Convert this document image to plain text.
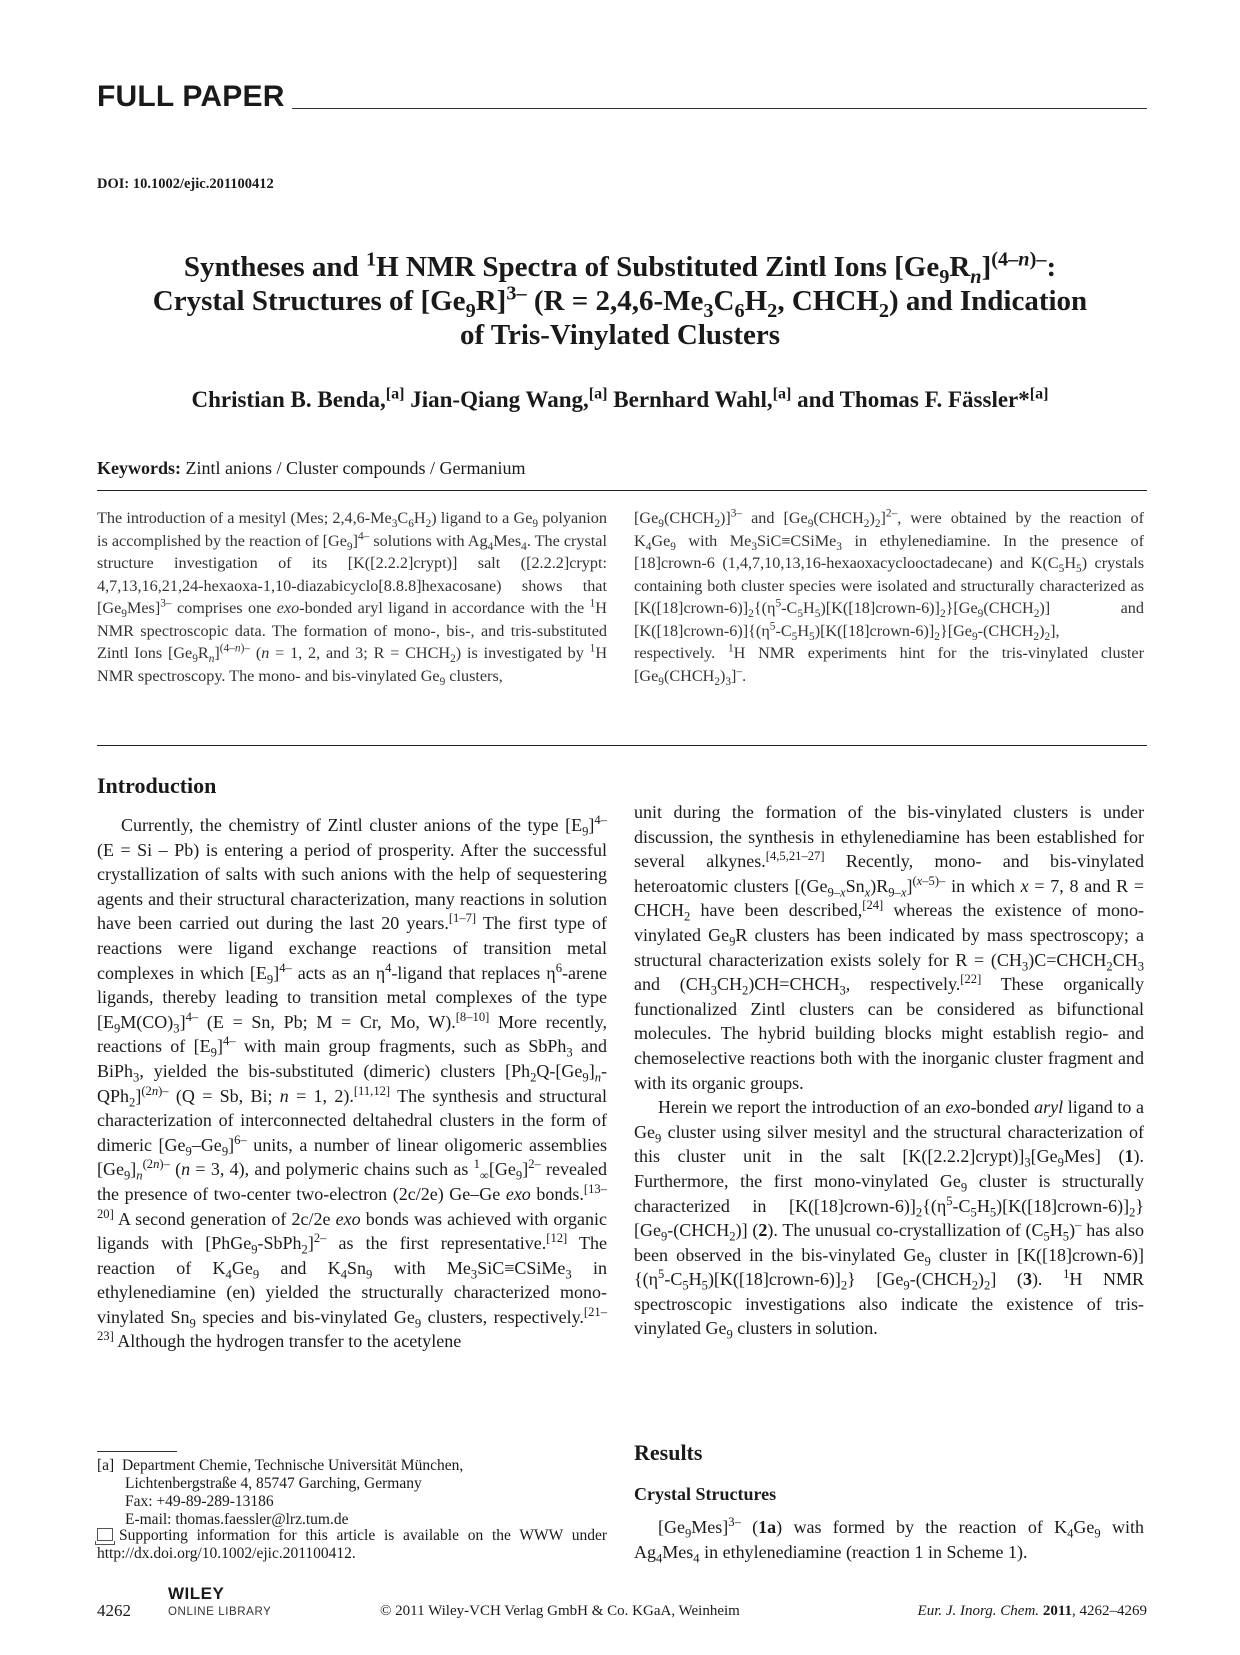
FULL PAPER
DOI: 10.1002/ejic.201100412
Syntheses and $^1$H NMR Spectra of Substituted Zintl Ions $[Ge_9R_n]^{(4-n)-}$:
Crystal Structures of $[Ge_9R]^{3-}$ ($R = 2,4,6-Me_3C_6H_2$, $CHCH_2$) and Indication
of Tris-Vinylated Clusters
Christian B. Benda,[a] Jian-Qiang Wang,[a] Bernhard Wahl,[a] and Thomas F. Fässler*[a]
Keywords: Zintl anions / Cluster compounds / Germanium
The introduction of a mesityl (Mes; $2,4,6-Me_3C_6H_2$) ligand to a $Ge_9$ polyanion is accomplished by the reaction of $[Ge_9]^{4-}$ solutions with $Ag_4Mes_4$. The crystal structure investigation of its [K([2.2.2]crypt)] salt ([2.2.2]crypt: 4,7,13,16,21,24-hexaoxa-1,10-diazabicyclo[8.8.8]hexacosane) shows that $[Ge_9Mes]^{3-}$ comprises one exo-bonded aryl ligand in accordance with the $^1$H NMR spectroscopic data. The formation of mono-, bis-, and tris-substituted Zintl Ions $[Ge_9R_n]^{(4-n)-}$ (n = 1, 2, and 3; $R = CHCH_2$) is investigated by $^1$H NMR spectroscopy. The mono- and bis-vinylated $Ge_9$ clusters,
$[Ge_9(CHCH_2)]^{3-}$ and $[Ge_9(CHCH_2)_2]^{2-}$, were obtained by the reaction of $K_4Ge_9$ with $Me_3SiC\equiv CSiMe_3$ in ethylenediamine. In the presence of [18]crown-6 (1,4,7,10,13,16-hexaoxacyclooctadecane) and $K(C_5H_5)$ crystals containing both cluster species were isolated and structurally characterized as $[K([18]crown-6)]_2\{(\eta^5-C_5H_5)[K([18]crown-6)]_2\}[Ge_9(CHCH_2)]$ and $[K([18]crown-6)]\{(\eta^5-C_5H_5)[K([18]crown-6)]_2\}[Ge_9-(CHCH_2)_2]$, respectively. $^1$H NMR experiments hint for the tris-vinylated cluster $[Ge_9(CHCH_2)_3]^-$.
Introduction

Currently, the chemistry of Zintl cluster anions of the type $[E_9]^{4-}$ (E = Si – Pb) is entering a period of prosperity. After the successful crystallization of salts with such anions with the help of sequestering agents and their structural characterization, many reactions in solution have been carried out during the last 20 years.[1–7] The first type of reactions were ligand exchange reactions of transition metal complexes in which $[E_9]^{4-}$ acts as an $\eta^4$-ligand that replaces $\eta^6$-arene ligands, thereby leading to transition metal complexes of the type $[E_9M(CO)_3]^{4-}$ (E = Sn, Pb; M = Cr, Mo, W).[8–10] More recently, reactions of $[E_9]^{4-}$ with main group fragments, such as SbPh$_3$ and BiPh$_3$, yielded the bis-substituted (dimeric) clusters $[Ph_2Q-[Ge_9]_n-QPh_2]^{(2n)-}$ (Q = Sb, Bi; n = 1, 2).[11,12] The synthesis and structural characterization of interconnected deltahedral clusters in the form of dimeric $[Ge_9-Ge_9]^{6-}$ units, a number of linear oligomeric assemblies $[Ge_9]_n^{(2n)-}$ (n = 3, 4), and polymeric chains such as $^1_\infty[Ge_9]^{2-}$ revealed the presence of two-center two-electron (2c/2e) Ge–Ge exo bonds.[13–20] A second generation of 2c/2e exo bonds was achieved with organic ligands with [PhGe$_9$-SbPh$_2$]$^{2-}$ as the first representative.[12] The reaction of $K_4Ge_9$ and $K_4Sn_9$ with $Me_3SiC\equiv CSiMe_3$ in ethylenediamine (en) yielded the structurally characterized mono-vinylated $Sn_9$ species and bis-vinylated $Ge_9$ clusters, respectively.[21–23] Although the hydrogen transfer to the acetylene

unit during the formation of the bis-vinylated clusters is under discussion, the synthesis in ethylenediamine has been established for several alkynes.[4,5,21–27] Recently, mono- and bis-vinylated heteroatomic clusters $[(Ge_{9-x}Sn_x)R_{9-x}]^{(x-5)-}$ in which x = 7, 8 and $R = CHCH_2$ have been described,[24] whereas the existence of mono-vinylated $Ge_9R$ clusters has been indicated by mass spectroscopy; a structural characterization exists solely for $R = (CH_3)C=CHCH_2CH_3$ and $(CH_3CH_2)CH=CHCH_3$, respectively.[22] These organically functionalized Zintl clusters can be considered as bifunctional molecules. The hybrid building blocks might establish regio- and chemoselective reactions both with the inorganic cluster fragment and with its organic groups.

Herein we report the introduction of an exo-bonded aryl ligand to a $Ge_9$ cluster using silver mesityl and the structural characterization of this cluster unit in the salt $[K([2.2.2]crypt)]_3[Ge_9Mes]$ (1). Furthermore, the first mono-vinylated $Ge_9$ cluster is structurally characterized in $[K([18]crown-6)]_2\{(\eta^5-C_5H_5)[K([18]crown-6)]_2\}[Ge_9-(CHCH_2)]$ (2). The unusual co-crystallization of $(C_5H_5)^-$ has also been observed in the bis-vinylated $Ge_9$ cluster in $[K([18]crown-6)]\{(\eta^5-C_5H_5)[K([18]crown-6)]_2\}$ $[Ge_9-(CHCH_2)_2]$ (3). $^1$H NMR spectroscopic investigations also indicate the existence of tris-vinylated $Ge_9$ clusters in solution.

Results
Crystal Structures

$[Ge_9Mes]^{3-}$ (1a) was formed by the reaction of $K_4Ge_9$ with $Ag_4Mes_4$ in ethylenediamine (reaction 1 in Scheme 1).

[a] Department Chemie, Technische Universität München,
Lichtenbergstraße 4, 85747 Garching, Germany
Fax: +49-89-289-13186
E-mail: thomas.faessler@lrz.tum.de
Supporting information for this article is available on the WWW under http://dx.doi.org/10.1002/ejic.201100412.
4262
WILEY
ONLINE LIBRARY	© 2011 Wiley-VCH Verlag GmbH & Co. KGaA, Weinheim	Eur. J. Inorg. Chem. 2011, 4262–4269
